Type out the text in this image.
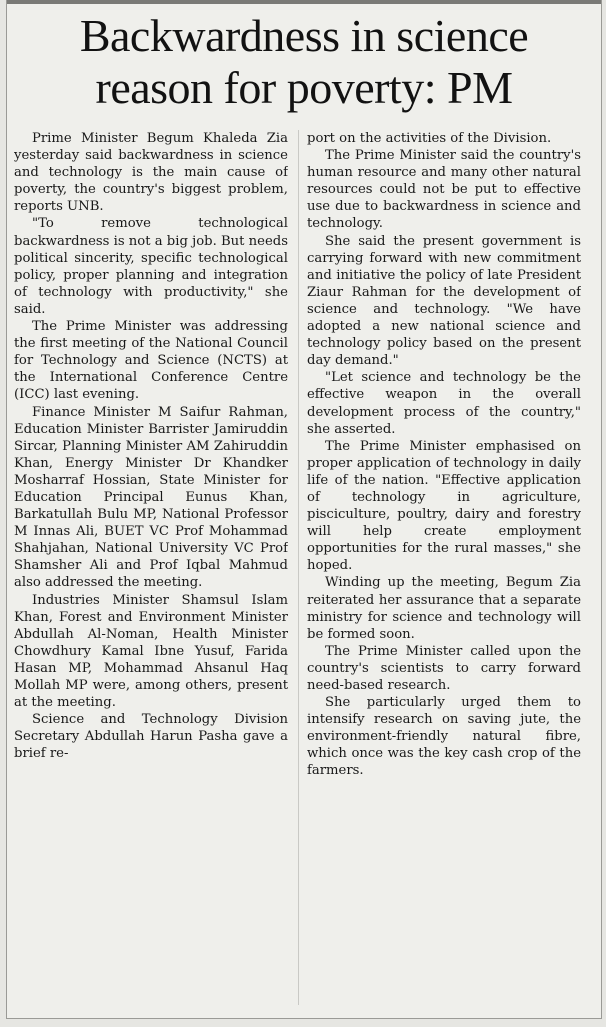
Backwardness in science
reason for poverty: PM

Prime Minister Begum Khaleda Zia yesterday said backwardness in science and technology is the main cause of poverty, the country's biggest problem, reports UNB.

"To remove technological backwardness is not a big job. But needs political sincerity, specific technological policy, proper planning and integration of technology with productivity," she said.

The Prime Minister was addressing the first meeting of the National Council for Technology and Science (NCTS) at the International Conference Centre (ICC) last evening.

Finance Minister M Saifur Rahman, Education Minister Barrister Jamiruddin Sircar, Planning Minister AM Zahiruddin Khan, Energy Minister Dr Khandker Mosharraf Hossian, State Minister for Education Principal Eunus Khan, Barkatullah Bulu MP, National Professor M Innas Ali, BUET VC Prof Mohammad Shahjahan, National University VC Prof Shamsher Ali and Prof Iqbal Mahmud also addressed the meeting.

Industries Minister Shamsul Islam Khan, Forest and Environment Minister Abdullah Al-Noman, Health Minister Chowdhury Kamal Ibne Yusuf, Farida Hasan MP, Mohammad Ahsanul Haq Mollah MP were, among others, present at the meeting.

Science and Technology Division Secretary Abdullah Harun Pasha gave a brief re-

port on the activities of the Division.

The Prime Minister said the country's human resource and many other natural resources could not be put to effective use due to backwardness in science and technology.

She said the present government is carrying forward with new commitment and initiative the policy of late President Ziaur Rahman for the development of science and technology. "We have adopted a new national science and technology policy based on the present day demand."

"Let science and technology be the effective weapon in the overall development process of the country," she asserted.

The Prime Minister emphasised on proper application of technology in daily life of the nation. "Effective application of technology in agriculture, pisciculture, poultry, dairy and forestry will help create employment opportunities for the rural masses," she hoped.

Winding up the meeting, Begum Zia reiterated her assurance that a separate ministry for science and technology will be formed soon.

The Prime Minister called upon the country's scientists to carry forward need-based research.

She particularly urged them to intensify research on saving jute, the environment-friendly natural fibre, which once was the key cash crop of the farmers.
